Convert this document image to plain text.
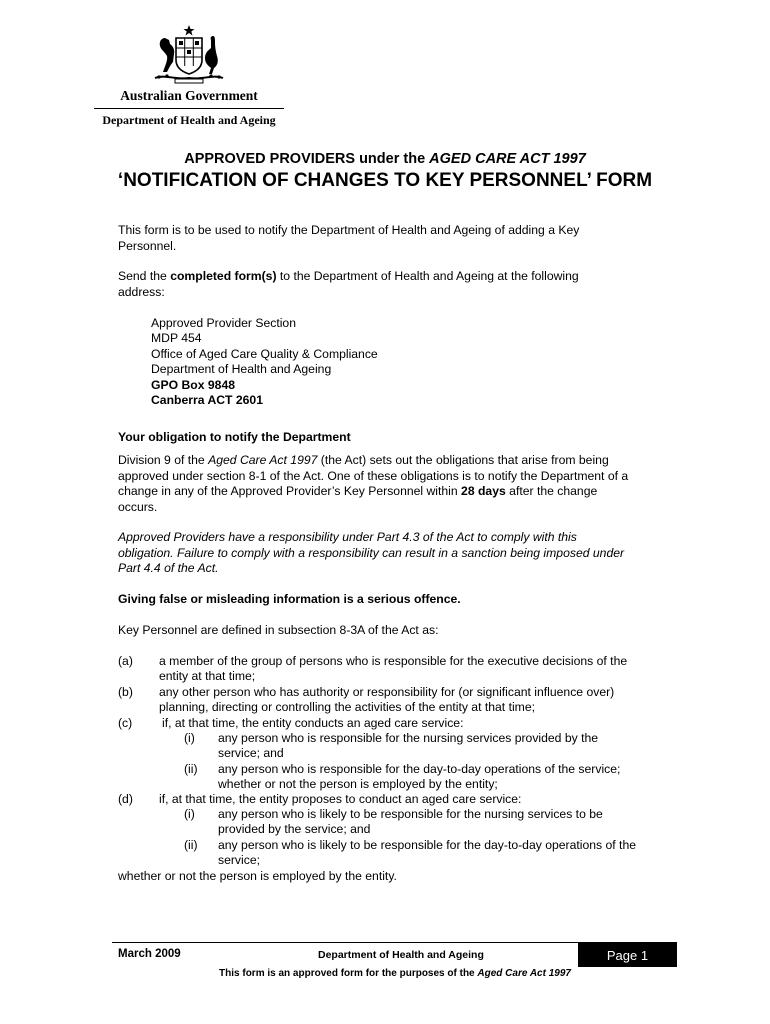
Australian Government
Department of Health and Ageing
APPROVED PROVIDERS under the AGED CARE ACT 1997
‘NOTIFICATION OF CHANGES TO KEY PERSONNEL’ FORM
This form is to be used to notify the Department of Health and Ageing of adding a Key
Personnel.
Send the completed form(s) to the Department of Health and Ageing at the following
address:
Approved Provider Section
MDP 454
Office of Aged Care Quality & Compliance
Department of Health and Ageing
GPO Box 9848
Canberra ACT 2601
Your obligation to notify the Department
Division 9 of the Aged Care Act 1997 (the Act) sets out the obligations that arise from being
approved under section 8-1 of the Act. One of these obligations is to notify the Department of a
change in any of the Approved Provider’s Key Personnel within 28 days after the change
occurs.
Approved Providers have a responsibility under Part 4.3 of the Act to comply with this
obligation. Failure to comply with a responsibility can result in a sanction being imposed under
Part 4.4 of the Act.
Giving false or misleading information is a serious offence.
Key Personnel are defined in subsection 8-3A of the Act as:
(a) a member of the group of persons who is responsible for the executive decisions of the
entity at that time;
(b) any other person who has authority or responsibility for (or significant influence over)
planning, directing or controlling the activities of the entity at that time;
(c) if, at that time, the entity conducts an aged care service:
(i) any person who is responsible for the nursing services provided by the
service; and
(ii) any person who is responsible for the day-to-day operations of the service;
whether or not the person is employed by the entity;
(d) if, at that time, the entity proposes to conduct an aged care service:
(i) any person who is likely to be responsible for the nursing services to be
provided by the service; and
(ii) any person who is likely to be responsible for the day-to-day operations of the
service;
whether or not the person is employed by the entity.
March 2009	Department of Health and Ageing	Page 1
This form is an approved form for the purposes of the Aged Care Act 1997
